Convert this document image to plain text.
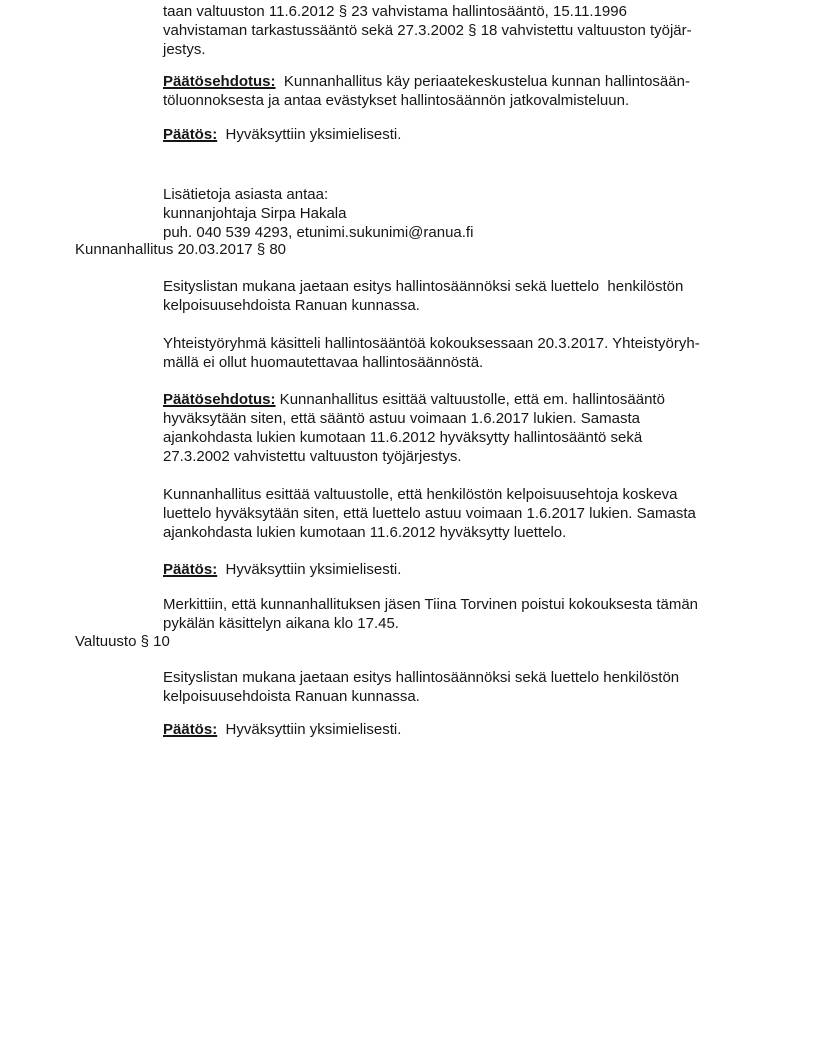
taan valtuuston 11.6.2012 § 23 vahvistama hallintosääntö, 15.11.1996
vahvistaman tarkastussääntö sekä 27.3.2002 § 18 vahvistettu valtuuston työjär-
jestys.
Päätösehdotus:  Kunnanhallitus käy periaatekeskustelua kunnan hallintosään-
töluonnoksesta ja antaa evästykset hallintosäännön jatkovalmisteluun.
Päätös:  Hyväksyttiin yksimielisesti.
Lisätietoja asiasta antaa:
kunnanjohtaja Sirpa Hakala
puh. 040 539 4293, etunimi.sukunimi@ranua.fi
Kunnanhallitus 20.03.2017 § 80
Esityslistan mukana jaetaan esitys hallintosäännöksi sekä luettelo  henkilöstön
kelpoisuusehdoista Ranuan kunnassa.
Yhteistyöryhmä käsitteli hallintosääntöä kokouksessaan 20.3.2017. Yhteistyöryh-
mällä ei ollut huomautettavaa hallintosäännöstä.
Päätösehdotus: Kunnanhallitus esittää valtuustolle, että em. hallintosääntö
hyväksytään siten, että sääntö astuu voimaan 1.6.2017 lukien. Samasta
ajankohdasta lukien kumotaan 11.6.2012 hyväksytty hallintosääntö sekä
27.3.2002 vahvistettu valtuuston työjärjestys.
Kunnanhallitus esittää valtuustolle, että henkilöstön kelpoisuusehtoja koskeva
luettelo hyväksytään siten, että luettelo astuu voimaan 1.6.2017 lukien. Samasta
ajankohdasta lukien kumotaan 11.6.2012 hyväksytty luettelo.
Päätös:  Hyväksyttiin yksimielisesti.
Merkittiin, että kunnanhallituksen jäsen Tiina Torvinen poistui kokouksesta tämän
pykälän käsittelyn aikana klo 17.45.
Valtuusto § 10
Esityslistan mukana jaetaan esitys hallintosäännöksi sekä luettelo henkilöstön
kelpoisuusehdoista Ranuan kunnassa.
Päätös:  Hyväksyttiin yksimielisesti.
